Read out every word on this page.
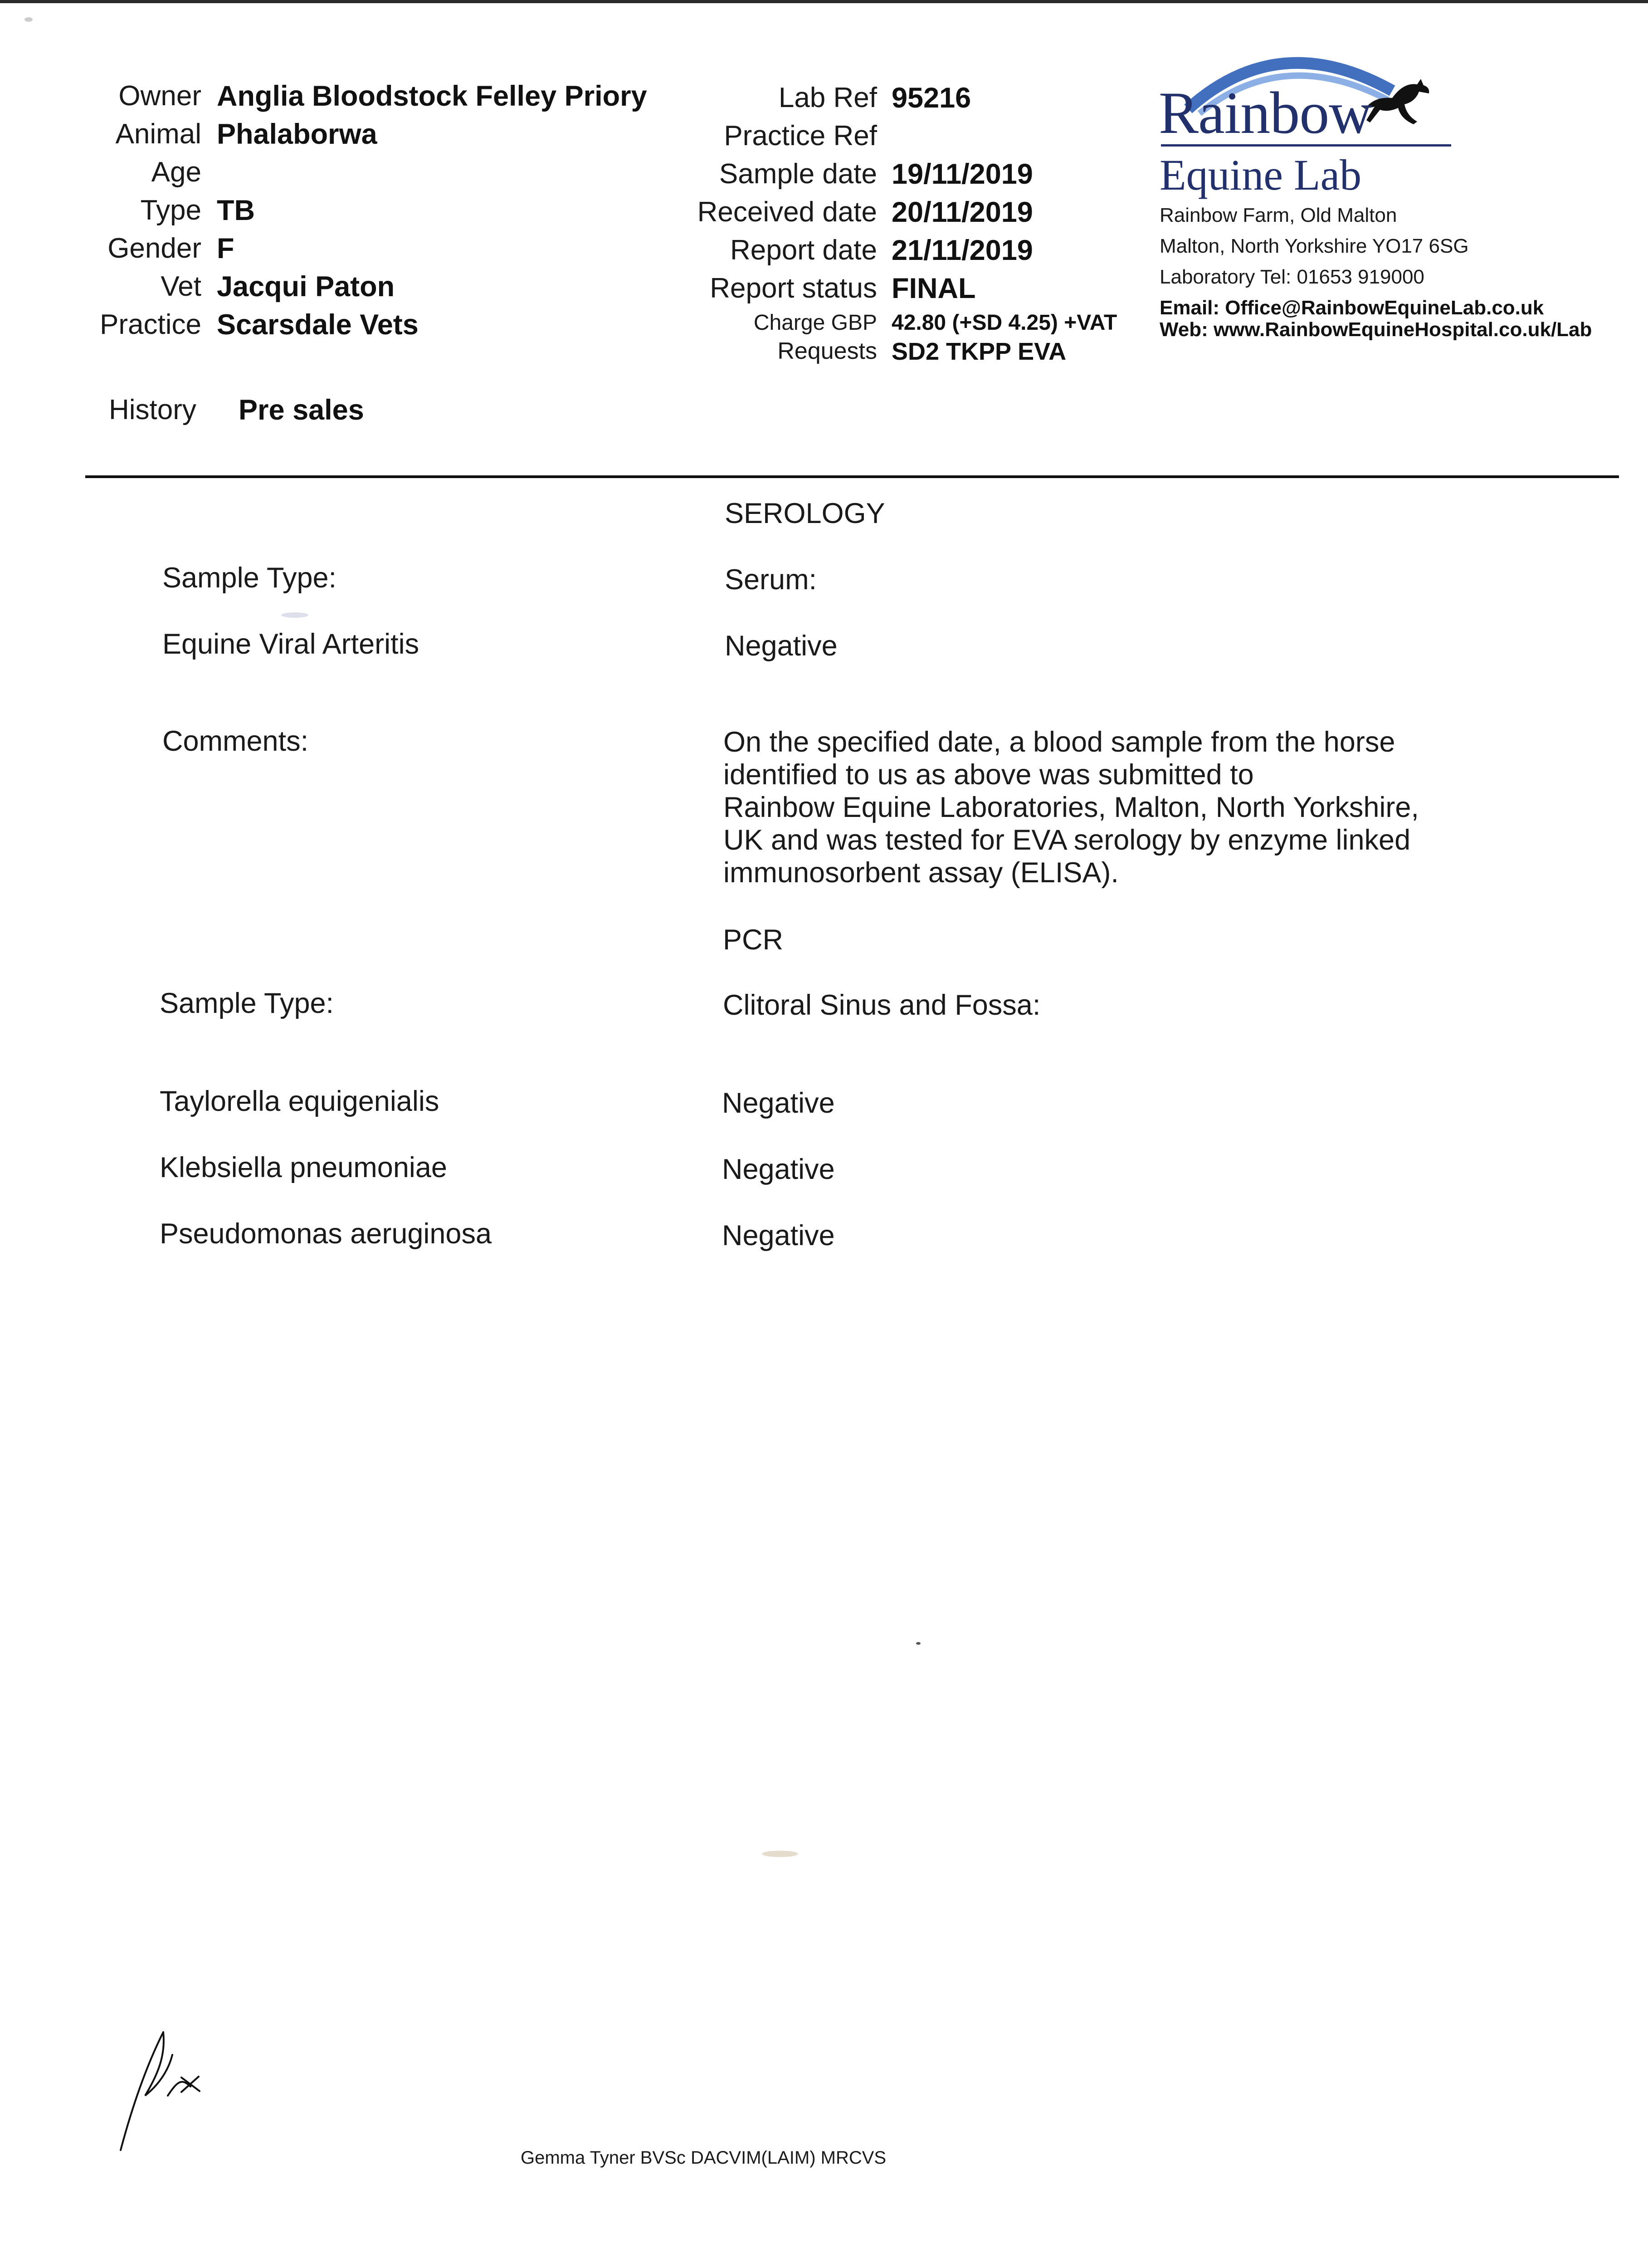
Owner Anglia Bloodstock Felley Priory
Animal Phalaborwa
Age
Type TB
Gender F
Vet Jacqui Paton
Practice Scarsdale Vets
History Pre sales
Lab Ref 95216
Practice Ref
Sample date 19/11/2019
Received date 20/11/2019
Report date 21/11/2019
Report status FINAL
Charge GBP 42.80 (+SD 4.25) +VAT
Requests SD2 TKPP EVA
Rainbow
Equine Lab
Rainbow Farm, Old Malton
Malton, North Yorkshire YO17 6SG
Laboratory Tel: 01653 919000
Email: Office@RainbowEquineLab.co.uk
Web: www.RainbowEquineHospital.co.uk/Lab
SEROLOGY
Sample Type:	Serum:
Equine Viral Arteritis	Negative
Comments:	On the specified date, a blood sample from the horse
identified to us as above was submitted to
Rainbow Equine Laboratories, Malton, North Yorkshire,
UK and was tested for EVA serology by enzyme linked
immunosorbent assay (ELISA).
PCR
Sample Type:	Clitoral Sinus and Fossa:
Taylorella equigenialis	Negative
Klebsiella pneumoniae	Negative
Pseudomonas aeruginosa	Negative
Gemma Tyner BVSc DACVIM(LAIM) MRCVS
